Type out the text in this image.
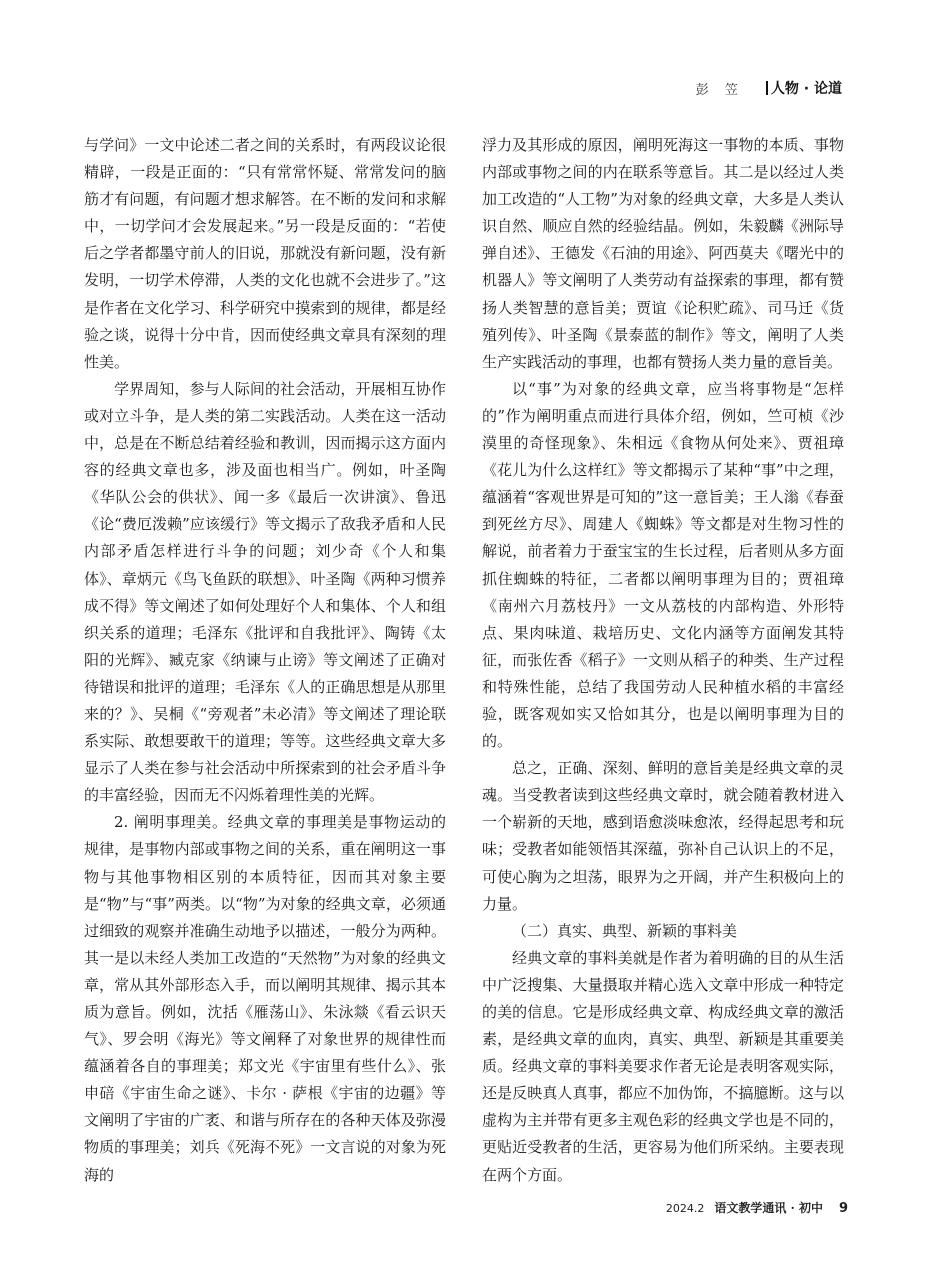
彭 笠	人物 · 论道

与学问》一文中论述二者之间的关系时，有两段议论很精辟，一段是正面的：“只有常常怀疑、常常发问的脑筋才有问题，有问题才想求解答。在不断的发问和求解中，一切学问才会发展起来。”另一段是反面的：“若使后之学者都墨守前人的旧说，那就没有新问题，没有新发明，一切学术停滞，人类的文化也就不会进步了。”这是作者在文化学习、科学研究中摸索到的规律，都是经验之谈，说得十分中肯，因而使经典文章具有深刻的理性美。

学界周知，参与人际间的社会活动，开展相互协作或对立斗争，是人类的第二实践活动。人类在这一活动中，总是在不断总结着经验和教训，因而揭示这方面内容的经典文章也多，涉及面也相当广。例如，叶圣陶《华队公会的供状》、闻一多《最后一次讲演》、鲁迅《论“费厄泼赖”应该缓行》等文揭示了敌我矛盾和人民内部矛盾怎样进行斗争的问题；刘少奇《个人和集体》、章炳元《鸟飞鱼跃的联想》、叶圣陶《两种习惯养成不得》等文阐述了如何处理好个人和集体、个人和组织关系的道理；毛泽东《批评和自我批评》、陶铸《太阳的光辉》、臧克家《纳谏与止谤》等文阐述了正确对待错误和批评的道理；毛泽东《人的正确思想是从那里来的？》、吴桐《“旁观者”未必清》等文阐述了理论联系实际、敢想要敢干的道理；等等。这些经典文章大多显示了人类在参与社会活动中所探索到的社会矛盾斗争的丰富经验，因而无不闪烁着理性美的光辉。

2. 阐明事理美。经典文章的事理美是事物运动的规律，是事物内部或事物之间的关系，重在阐明这一事物与其他事物相区别的本质特征，因而其对象主要是“物”与“事”两类。以“物”为对象的经典文章，必须通过细致的观察并准确生动地予以描述，一般分为两种。其一是以未经人类加工改造的“天然物”为对象的经典文章，常从其外部形态入手，而以阐明其规律、揭示其本质为意旨。例如，沈括《雁荡山》、朱泳燚《看云识天气》、罗会明《海光》等文阐释了对象世界的规律性而蕴涵着各自的事理美；郑文光《宇宙里有些什么》、张申碚《宇宙生命之谜》、卡尔 · 萨根《宇宙的边疆》等文阐明了宇宙的广袤、和谐与所存在的各种天体及弥漫物质的事理美；刘兵《死海不死》一文言说的对象为死海的

浮力及其形成的原因，阐明死海这一事物的本质、事物内部或事物之间的内在联系等意旨。其二是以经过人类加工改造的“人工物”为对象的经典文章，大多是人类认识自然、顺应自然的经验结晶。例如，朱毅麟《洲际导弹自述》、王德发《石油的用途》、阿西莫夫《曙光中的机器人》等文阐明了人类劳动有益探索的事理，都有赞扬人类智慧的意旨美；贾谊《论积贮疏》、司马迁《货殖列传》、叶圣陶《景泰蓝的制作》等文，阐明了人类生产实践活动的事理，也都有赞扬人类力量的意旨美。

以“事”为对象的经典文章，应当将事物是“怎样的”作为阐明重点而进行具体介绍，例如，竺可桢《沙漠里的奇怪现象》、朱相远《食物从何处来》、贾祖璋《花儿为什么这样红》等文都揭示了某种“事”中之理，蕴涵着“客观世界是可知的”这一意旨美；王人滃《春蚕到死丝方尽》、周建人《蜘蛛》等文都是对生物习性的解说，前者着力于蚕宝宝的生长过程，后者则从多方面抓住蜘蛛的特征，二者都以阐明事理为目的；贾祖璋《南州六月荔枝丹》一文从荔枝的内部构造、外形特点、果肉味道、栽培历史、文化内涵等方面阐发其特征，而张佐香《稻子》一文则从稻子的种类、生产过程和特殊性能，总结了我国劳动人民种植水稻的丰富经验，既客观如实又恰如其分，也是以阐明事理为目的的。

总之，正确、深刻、鲜明的意旨美是经典文章的灵魂。当受教者读到这些经典文章时，就会随着教材进入一个崭新的天地，感到语愈淡味愈浓，经得起思考和玩味；受教者如能领悟其深蕴，弥补自己认识上的不足，可使心胸为之坦荡，眼界为之开阔，并产生积极向上的力量。

（二）真实、典型、新颖的事料美

经典文章的事料美就是作者为着明确的目的从生活中广泛搜集、大量摄取并精心选入文章中形成一种特定的美的信息。它是形成经典文章、构成经典文章的激活素，是经典文章的血肉，真实、典型、新颖是其重要美质。经典文章的事料美要求作者无论是表明客观实际，还是反映真人真事，都应不加伪饰，不搞臆断。这与以虚构为主并带有更多主观色彩的经典文学也是不同的，更贴近受教者的生活，更容易为他们所采纳。主要表现在两个方面。

2024.2 语文教学通讯 · 初中 9
